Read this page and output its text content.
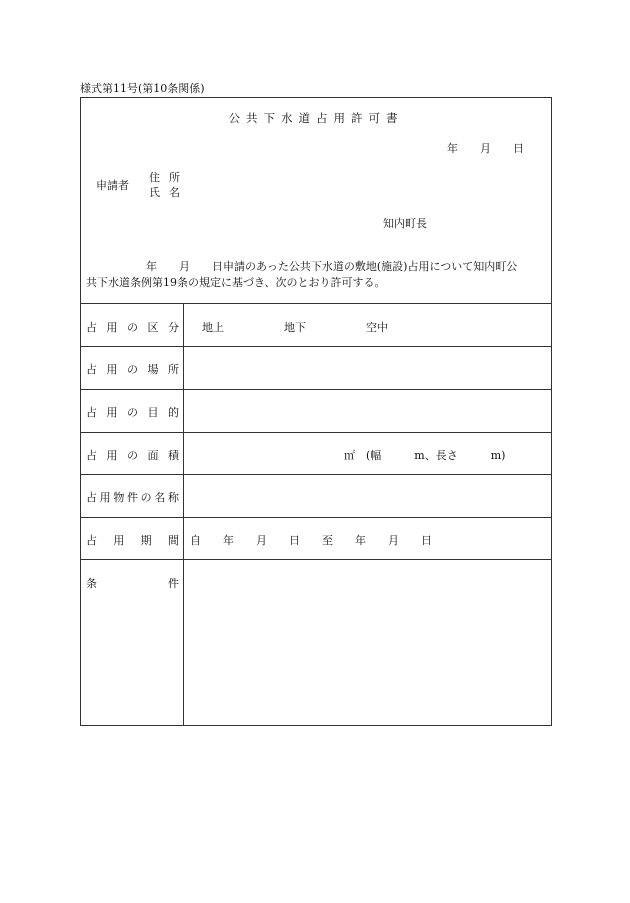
様式第11号(第10条関係)
公共下水道占用許可書
年　　月　　日
申請者
住所
氏名
知内町長
年　　月　　日申請のあった公共下水道の敷地(施設)占用について知内町公
共下水道条例第19条の規定に基づき、次のとおり許可する。
占用の区分 地上	地下	空中
占用の場所
占用の目的
占用の面積	㎡　(幅　　　m、長さ　　　m)
占用物件の名称
占用期間 自　　年　　月　　日　　至　　年　　月　　日
条件
